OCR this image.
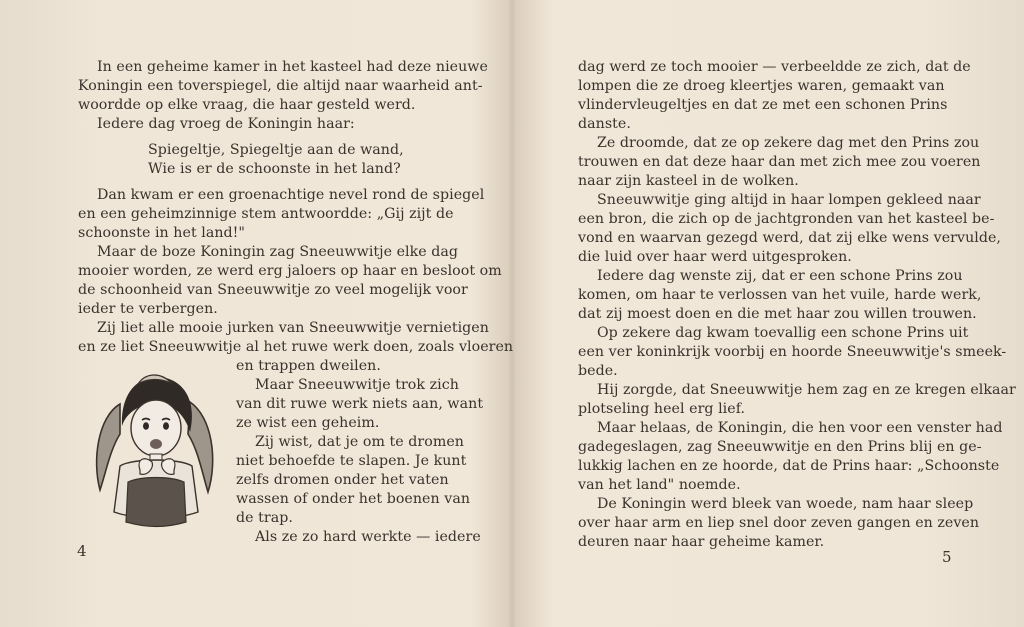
In een geheime kamer in het kasteel had deze nieuwe
Koningin een toverspiegel, die altijd naar waarheid ant-
woordde op elke vraag, die haar gesteld werd.
Iedere dag vroeg de Koningin haar:
Spiegeltje, Spiegeltje aan de wand,
Wie is er de schoonste in het land?
Dan kwam er een groenachtige nevel rond de spiegel
en een geheimzinnige stem antwoordde: „Gij zijt de
schoonste in het land!"
Maar de boze Koningin zag Sneeuwwitje elke dag
mooier worden, ze werd erg jaloers op haar en besloot om
de schoonheid van Sneeuwwitje zo veel mogelijk voor
ieder te verbergen.
Zij liet alle mooie jurken van Sneeuwwitje vernietigen
en ze liet Sneeuwwitje al het ruwe werk doen, zoals vloeren
en trappen dweilen.
Maar Sneeuwwitje trok zich
van dit ruwe werk niets aan, want
ze wist een geheim.
Zij wist, dat je om te dromen
niet behoefde te slapen. Je kunt
zelfs dromen onder het vaten
wassen of onder het boenen van
de trap.
Als ze zo hard werkte — iedere
4
dag werd ze toch mooier — verbeeldde ze zich, dat de
lompen die ze droeg kleertjes waren, gemaakt van
vlindervleugeltjes en dat ze met een schonen Prins
danste.
Ze droomde, dat ze op zekere dag met den Prins zou
trouwen en dat deze haar dan met zich mee zou voeren
naar zijn kasteel in de wolken.
Sneeuwwitje ging altijd in haar lompen gekleed naar
een bron, die zich op de jachtgronden van het kasteel be-
vond en waarvan gezegd werd, dat zij elke wens vervulde,
die luid over haar werd uitgesproken.
Iedere dag wenste zij, dat er een schone Prins zou
komen, om haar te verlossen van het vuile, harde werk,
dat zij moest doen en die met haar zou willen trouwen.
Op zekere dag kwam toevallig een schone Prins uit
een ver koninkrijk voorbij en hoorde Sneeuwwitje's smeek-
bede.
Hij zorgde, dat Sneeuwwitje hem zag en ze kregen elkaar
plotseling heel erg lief.
Maar helaas, de Koningin, die hen voor een venster had
gadegeslagen, zag Sneeuwwitje en den Prins blij en ge-
lukkig lachen en ze hoorde, dat de Prins haar: „Schoonste
van het land" noemde.
De Koningin werd bleek van woede, nam haar sleep
over haar arm en liep snel door zeven gangen en zeven
deuren naar haar geheime kamer.
5
